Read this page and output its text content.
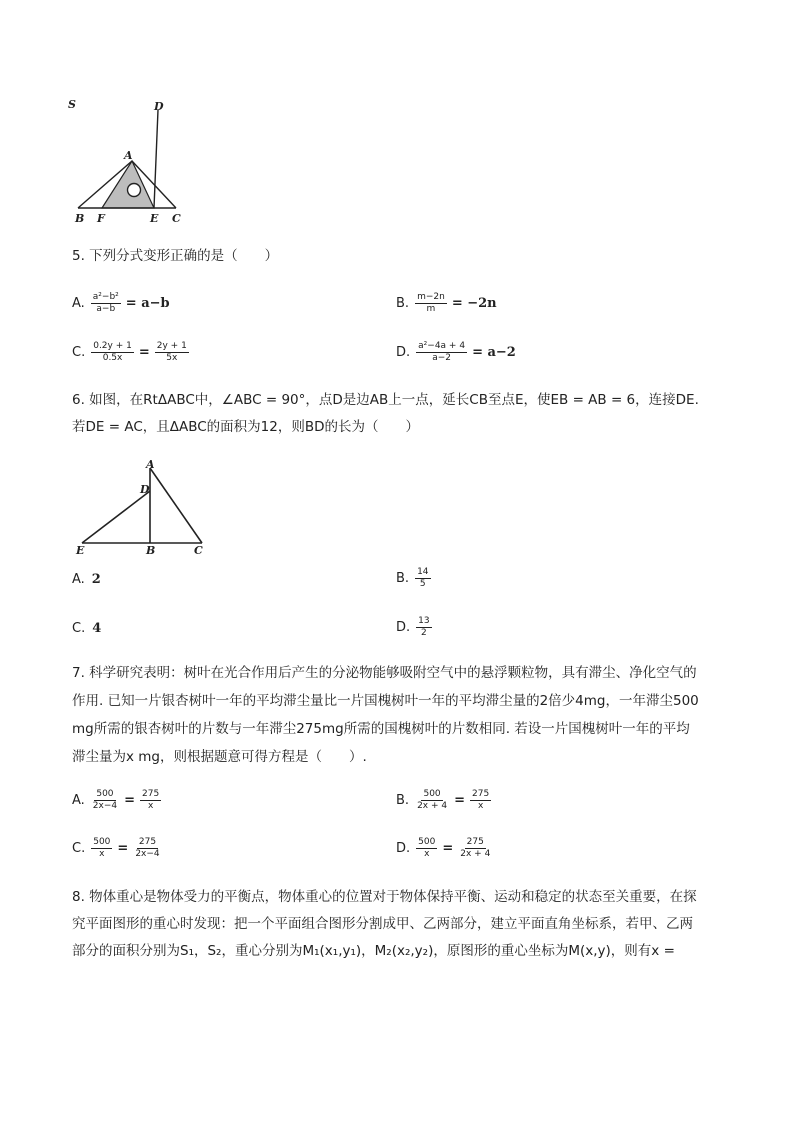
S	D
A
B F	E C
5. 下列分式变形正确的是（　　）
A. $\frac{\text{a²−b²}}{a-b} = a-b$	B. $\frac{m-2n}{m} = -2n$
C. $\frac{0.2y + 1}{0.5x} = \frac{2y + 1}{5x}$	D. $\frac{\text{a²−4a + 4}}{a-2} = a-2$
6. 如图，在RtΔABC中，∠ABC = 90°，点D是边AB上一点，延长CB至点E，使EB = AB = 6，连接DE.
若DE = AC，且ΔABC的面积为12，则BD的长为（　　）
A
D
E	B	C
A. 2	B. $\frac{14}{5}$
C. 4	D. $\frac{13}{2}$
7. 科学研究表明：树叶在光合作用后产生的分泌物能够吸附空气中的悬浮颗粒物，具有滞尘、净化空气的
作用. 已知一片银杏树叶一年的平均滞尘量比一片国槐树叶一年的平均滞尘量的2倍少4mg，一年滞尘500
mg所需的银杏树叶的片数与一年滞尘275mg所需的国槐树叶的片数相同. 若设一片国槐树叶一年的平均
滞尘量为x mg，则根据题意可得方程是（　　）.
A. $\frac{500}{2x-4} = \frac{275}{x}$	B. $\frac{500}{2x + 4} = \frac{275}{x}$
C. $\frac{500}{x} = \frac{275}{2x-4}$	D. $\frac{500}{x} = \frac{275}{2x + 4}$
8. 物体重心是物体受力的平衡点，物体重心的位置对于物体保持平衡、运动和稳定的状态至关重要，在探
究平面图形的重心时发现：把一个平面组合图形分割成甲、乙两部分，建立平面直角坐标系，若甲、乙两
部分的面积分别为S₁，S₂，重心分别为M₁(x₁,y₁)，M₂(x₂,y₂)，原图形的重心坐标为M(x,y)，则有x =
